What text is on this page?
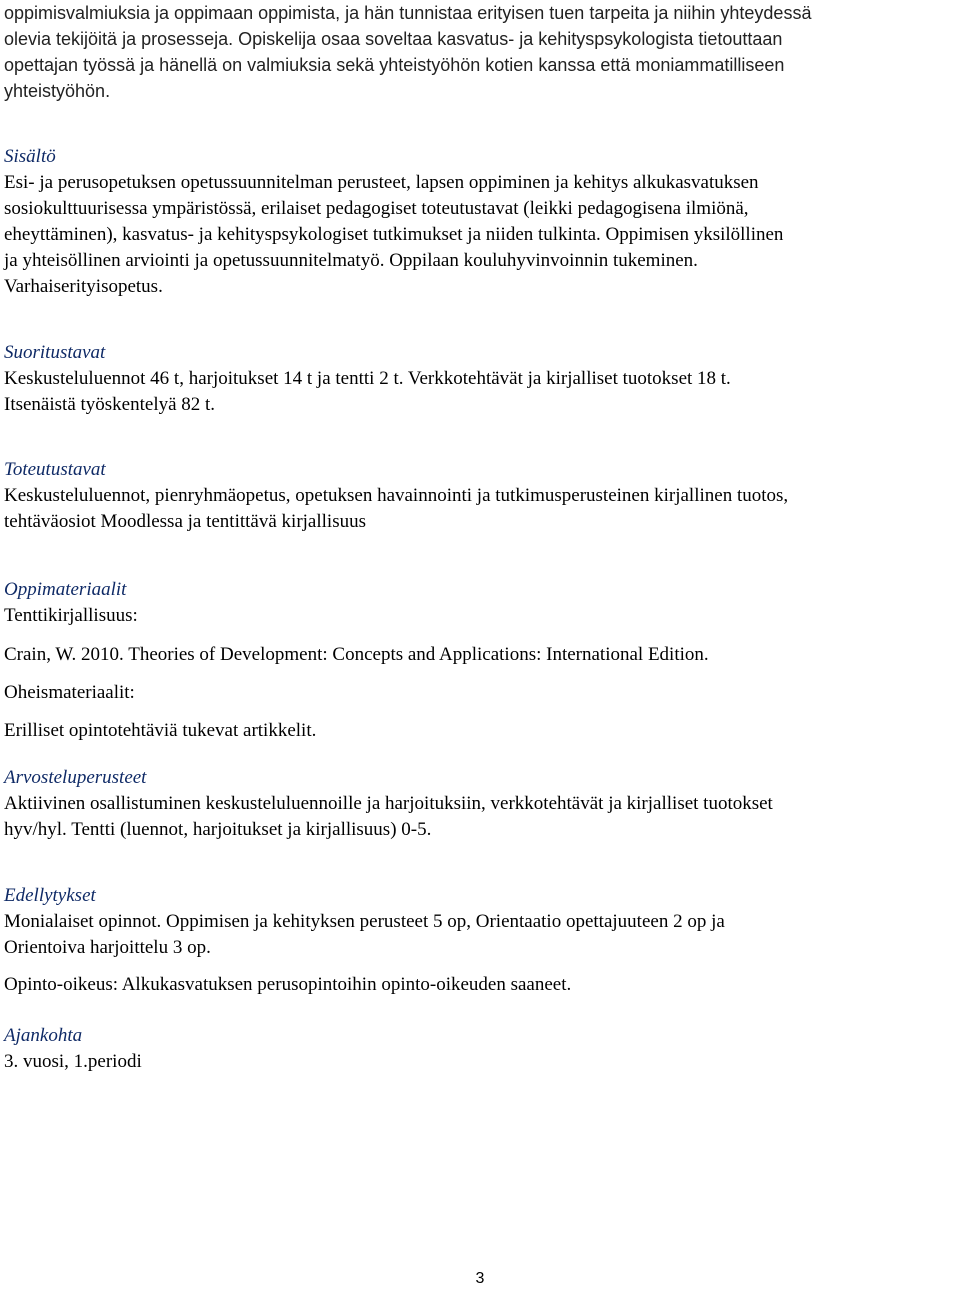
oppimisvalmiuksia ja oppimaan oppimista, ja hän tunnistaa erityisen tuen tarpeita ja niihin yhteydessä

olevia tekijöitä ja prosesseja. Opiskelija osaa soveltaa kasvatus- ja kehityspsykologista tietouttaan

opettajan työssä ja hänellä on valmiuksia sekä yhteistyöhön kotien kanssa että moniammatilliseen

yhteistyöhön.

Sisältö

Esi- ja perusopetuksen opetussuunnitelman perusteet, lapsen oppiminen ja kehitys alkukasvatuksen

sosiokulttuurisessa ympäristössä, erilaiset pedagogiset toteutustavat (leikki pedagogisena ilmiönä,

eheyttäminen), kasvatus- ja kehityspsykologiset tutkimukset ja niiden tulkinta. Oppimisen yksilöllinen

ja yhteisöllinen arviointi ja opetussuunnitelmatyö. Oppilaan kouluhyvinvoinnin tukeminen.

Varhaiserityisopetus.

Suoritustavat

Keskusteluluennot 46 t, harjoitukset 14 t ja tentti 2 t. Verkkotehtävät ja kirjalliset tuotokset 18 t.

Itsenäistä työskentelyä 82 t.

Toteutustavat

Keskusteluluennot, pienryhmäopetus, opetuksen havainnointi ja tutkimusperusteinen kirjallinen tuotos,

tehtäväosiot Moodlessa ja tentittävä kirjallisuus

Oppimateriaalit

Tenttikirjallisuus:

Crain, W. 2010. Theories of Development: Concepts and Applications: International Edition.

Oheismateriaalit:

Erilliset opintotehtäviä tukevat artikkelit.

Arvosteluperusteet

Aktiivinen osallistuminen keskusteluluennoille ja harjoituksiin, verkkotehtävät ja kirjalliset tuotokset

hyv/hyl. Tentti (luennot, harjoitukset ja kirjallisuus) 0-5.

Edellytykset

Monialaiset opinnot. Oppimisen ja kehityksen perusteet 5 op, Orientaatio opettajuuteen 2 op ja

Orientoiva harjoittelu 3 op.

Opinto-oikeus: Alkukasvatuksen perusopintoihin opinto-oikeuden saaneet.

Ajankohta

3. vuosi, 1.periodi

3
